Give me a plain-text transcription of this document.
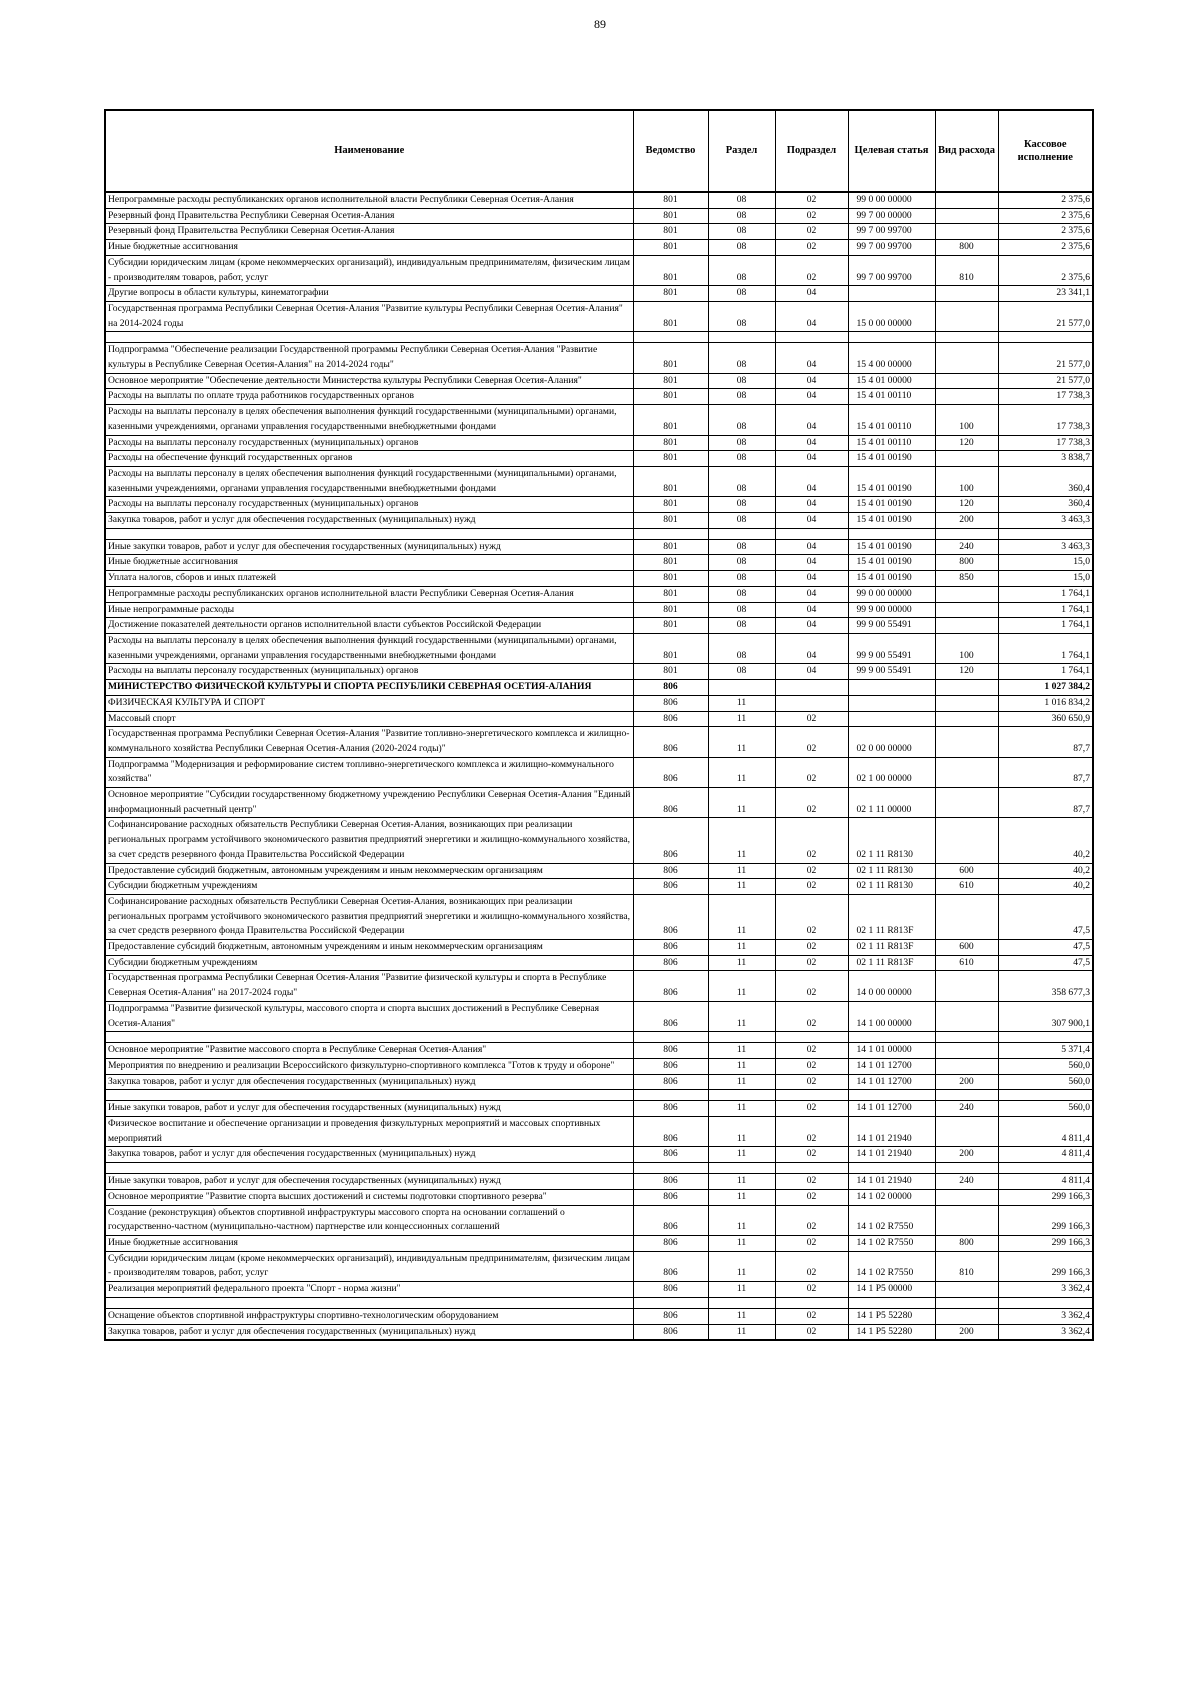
89
Наименование	Ведомство	Раздел	Подраздел	Целевая статья	Вид расхода	Кассовое исполнение
Непрограммные расходы республиканских органов исполнительной власти Республики Северная Осетия-Алания	801	08	02	99 0 00 00000		2 375,6
Резервный фонд Правительства Республики Северная Осетия-Алания	801	08	02	99 7 00 00000		2 375,6
Резервный фонд Правительства Республики Северная Осетия-Алания	801	08	02	99 7 00 99700		2 375,6
Иные бюджетные ассигнования	801	08	02	99 7 00 99700	800	2 375,6
Субсидии юридическим лицам (кроме некоммерческих организаций), индивидуальным предпринимателям, физическим лицам - производителям товаров, работ, услуг	801	08	02	99 7 00 99700	810	2 375,6
Другие вопросы в области культуры, кинематографии	801	08	04			23 341,1
Государственная программа Республики Северная Осетия-Алания "Развитие культуры Республики Северная Осетия-Алания" на 2014-2024 годы	801	08	04	15 0 00 00000		21 577,0

Подпрограмма "Обеспечение реализации Государственной программы Республики Северная Осетия-Алания "Развитие культуры в Республике Северная Осетия-Алания" на 2014-2024 годы"	801	08	04	15 4 00 00000		21 577,0
Основное мероприятие "Обеспечение деятельности Министерства культуры Республики Северная Осетия-Алания"	801	08	04	15 4 01 00000		21 577,0
Расходы на выплаты по оплате труда работников государственных органов	801	08	04	15 4 01 00110		17 738,3
Расходы на выплаты персоналу в целях обеспечения выполнения функций государственными (муниципальными) органами, казенными учреждениями, органами управления государственными внебюджетными фондами	801	08	04	15 4 01 00110	100	17 738,3
Расходы на выплаты персоналу государственных (муниципальных) органов	801	08	04	15 4 01 00110	120	17 738,3
Расходы на обеспечение функций государственных органов	801	08	04	15 4 01 00190		3 838,7
Расходы на выплаты персоналу в целях обеспечения выполнения функций государственными (муниципальными) органами, казенными учреждениями, органами управления государственными внебюджетными фондами	801	08	04	15 4 01 00190	100	360,4
Расходы на выплаты персоналу государственных (муниципальных) органов	801	08	04	15 4 01 00190	120	360,4
Закупка товаров, работ и услуг для обеспечения государственных (муниципальных) нужд	801	08	04	15 4 01 00190	200	3 463,3

Иные закупки товаров, работ и услуг для обеспечения государственных (муниципальных) нужд	801	08	04	15 4 01 00190	240	3 463,3
Иные бюджетные ассигнования	801	08	04	15 4 01 00190	800	15,0
Уплата налогов, сборов и иных платежей	801	08	04	15 4 01 00190	850	15,0
Непрограммные расходы республиканских органов исполнительной власти Республики Северная Осетия-Алания	801	08	04	99 0 00 00000		1 764,1
Иные непрограммные расходы	801	08	04	99 9 00 00000		1 764,1
Достижение показателей деятельности органов исполнительной власти субъектов Российской Федерации	801	08	04	99 9 00 55491		1 764,1
Расходы на выплаты персоналу в целях обеспечения выполнения функций государственными (муниципальными) органами, казенными учреждениями, органами управления государственными внебюджетными фондами	801	08	04	99 9 00 55491	100	1 764,1
Расходы на выплаты персоналу государственных (муниципальных) органов	801	08	04	99 9 00 55491	120	1 764,1
МИНИСТЕРСТВО ФИЗИЧЕСКОЙ КУЛЬТУРЫ И СПОРТА РЕСПУБЛИКИ СЕВЕРНАЯ ОСЕТИЯ-АЛАНИЯ	806					1 027 384,2
ФИЗИЧЕСКАЯ КУЛЬТУРА И СПОРТ	806	11				1 016 834,2
Массовый спорт	806	11	02			360 650,9
Государственная программа Республики Северная Осетия-Алания "Развитие топливно-энергетического комплекса и жилищно-коммунального хозяйства Республики Северная Осетия-Алания (2020-2024 годы)"	806	11	02	02 0 00 00000		87,7
Подпрограмма "Модернизация и реформирование систем топливно-энергетического комплекса и жилищно-коммунального хозяйства"	806	11	02	02 1 00 00000		87,7
Основное мероприятие "Субсидии государственному бюджетному учреждению Республики Северная Осетия-Алания "Единый информационный расчетный центр"	806	11	02	02 1 11 00000		87,7
Софинансирование расходных обязательств Республики Северная Осетия-Алания, возникающих при реализации региональных программ устойчивого экономического развития предприятий энергетики и жилищно-коммунального хозяйства, за счет средств резервного фонда Правительства Российской Федерации	806	11	02	02 1 11 R8130		40,2
Предоставление субсидий бюджетным, автономным учреждениям и иным некоммерческим организациям	806	11	02	02 1 11 R8130	600	40,2
Субсидии бюджетным учреждениям	806	11	02	02 1 11 R8130	610	40,2
Софинансирование расходных обязательств Республики Северная Осетия-Алания, возникающих при реализации региональных программ устойчивого экономического развития предприятий энергетики и жилищно-коммунального хозяйства, за счет средств резервного фонда Правительства Российской Федерации	806	11	02	02 1 11 R813F		47,5
Предоставление субсидий бюджетным, автономным учреждениям и иным некоммерческим организациям	806	11	02	02 1 11 R813F	600	47,5
Субсидии бюджетным учреждениям	806	11	02	02 1 11 R813F	610	47,5
Государственная программа Республики Северная Осетия-Алания "Развитие физической культуры и спорта в Республике Северная Осетия-Алания" на 2017-2024 годы"	806	11	02	14 0 00 00000		358 677,3
Подпрограмма "Развитие физической культуры, массового спорта и спорта высших достижений в Республике Северная Осетия-Алания"	806	11	02	14 1 00 00000		307 900,1

Основное мероприятие "Развитие массового спорта в Республике Северная Осетия-Алания"	806	11	02	14 1 01 00000		5 371,4
Мероприятия по внедрению и реализации Всероссийского физкультурно-спортивного комплекса "Готов к труду и обороне"	806	11	02	14 1 01 12700		560,0
Закупка товаров, работ и услуг для обеспечения государственных (муниципальных) нужд	806	11	02	14 1 01 12700	200	560,0

Иные закупки товаров, работ и услуг для обеспечения государственных (муниципальных) нужд	806	11	02	14 1 01 12700	240	560,0
Физическое воспитание и обеспечение организации и проведения физкультурных мероприятий и массовых спортивных мероприятий	806	11	02	14 1 01 21940		4 811,4
Закупка товаров, работ и услуг для обеспечения государственных (муниципальных) нужд	806	11	02	14 1 01 21940	200	4 811,4

Иные закупки товаров, работ и услуг для обеспечения государственных (муниципальных) нужд	806	11	02	14 1 01 21940	240	4 811,4
Основное мероприятие "Развитие спорта высших достижений и системы подготовки спортивного резерва"	806	11	02	14 1 02 00000		299 166,3
Создание (реконструкция) объектов спортивной инфраструктуры массового спорта на основании соглашений о государственно-частном (муниципально-частном) партнерстве или концессионных соглашений	806	11	02	14 1 02 R7550		299 166,3
Иные бюджетные ассигнования	806	11	02	14 1 02 R7550	800	299 166,3
Субсидии юридическим лицам (кроме некоммерческих организаций), индивидуальным предпринимателям, физическим лицам - производителям товаров, работ, услуг	806	11	02	14 1 02 R7550	810	299 166,3
Реализация мероприятий федерального проекта "Спорт - норма жизни"	806	11	02	14 1 P5 00000		3 362,4

Оснащение объектов спортивной инфраструктуры спортивно-технологическим оборудованием	806	11	02	14 1 P5 52280		3 362,4
Закупка товаров, работ и услуг для обеспечения государственных (муниципальных) нужд	806	11	02	14 1 P5 52280	200	3 362,4
